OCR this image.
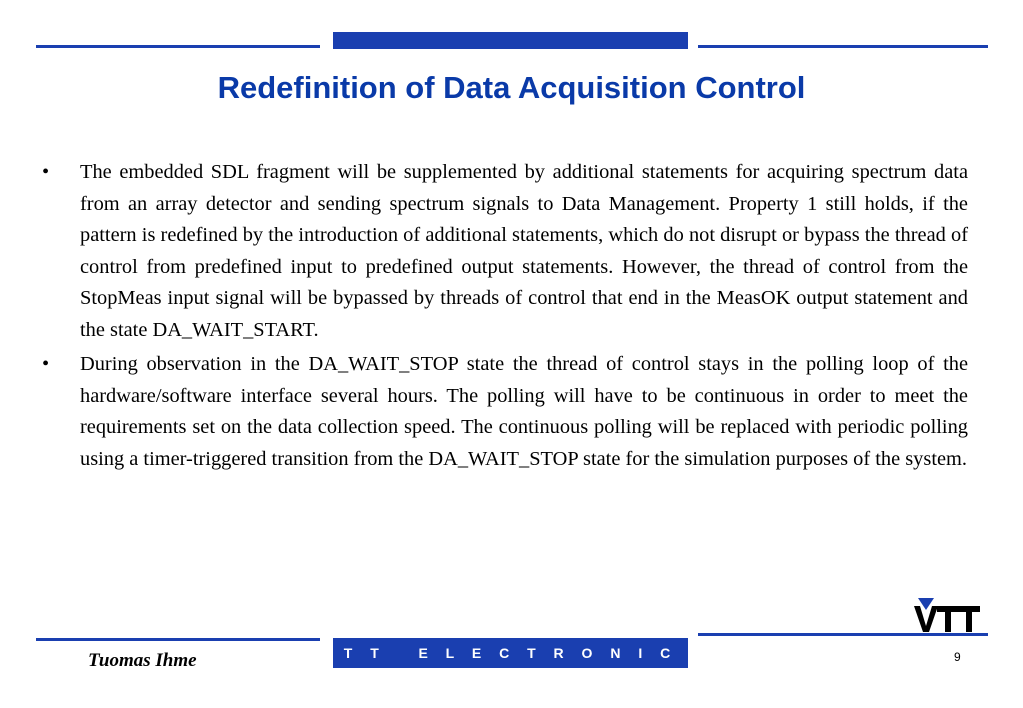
Redefinition of Data Acquisition Control
• The embedded SDL fragment will be supplemented by additional statements for acquiring spectrum data from an array detector and sending spectrum signals to Data Management. Property 1 still holds, if the pattern is redefined by the introduction of additional statements, which do not disrupt or bypass the thread of control from predefined input to predefined output statements. However, the thread of control from the StopMeas input signal will be bypassed by threads of control that end in the MeasOK output statement and the state DA_WAIT_START.
• During observation in the DA_WAIT_STOP state the thread of control stays in the polling loop of the hardware/software interface several hours. The polling will have to be continuous in order to meet the requirements set on the data collection speed. The continuous polling will be replaced with periodic polling using a timer-triggered transition from the DA_WAIT_STOP state for the simulation purposes of the system.
V T T   E L E C T R O N I C S
Tuomas Ihme	9
